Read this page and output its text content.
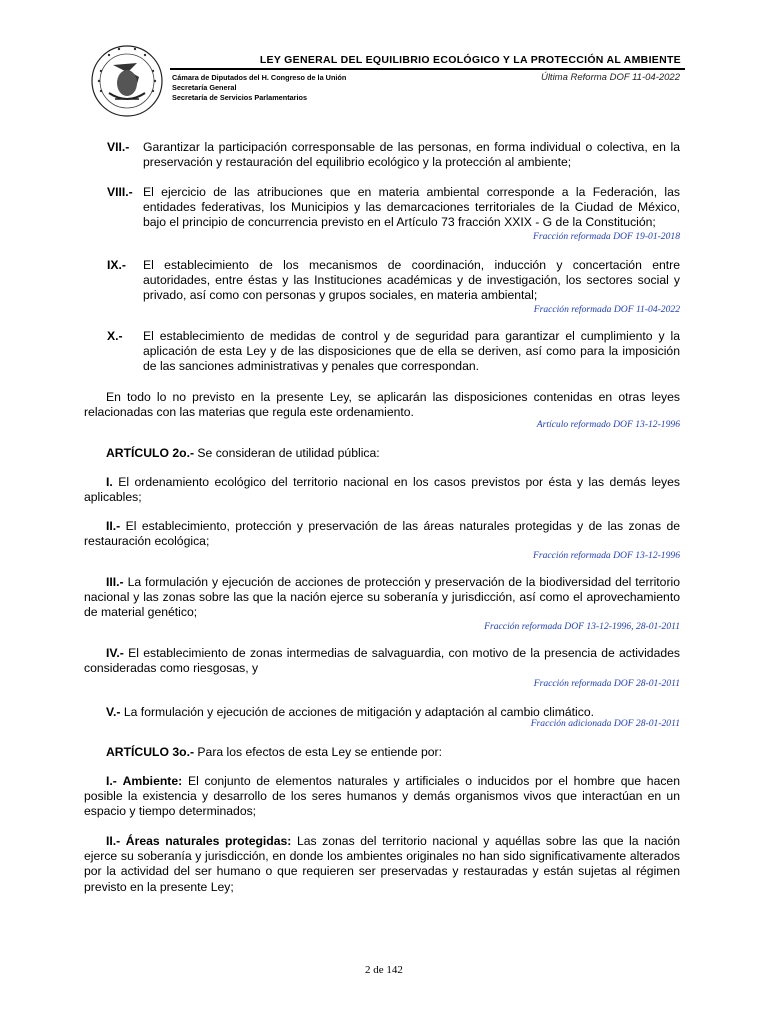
LEY GENERAL DEL EQUILIBRIO ECOLÓGICO Y LA PROTECCIÓN AL AMBIENTE
Cámara de Diputados del H. Congreso de la Unión
Secretaría General
Secretaría de Servicios Parlamentarios
Última Reforma DOF 11-04-2022
VII.-	Garantizar la participación corresponsable de las personas, en forma individual o colectiva, en la preservación y restauración del equilibrio ecológico y la protección al ambiente;
VIII.- El ejercicio de las atribuciones que en materia ambiental corresponde a la Federación, las entidades federativas, los Municipios y las demarcaciones territoriales de la Ciudad de México, bajo el principio de concurrencia previsto en el Artículo 73 fracción XXIX - G de la Constitución;
Fracción reformada DOF 19-01-2018
IX.-	El establecimiento de los mecanismos de coordinación, inducción y concertación entre autoridades, entre éstas y las Instituciones académicas y de investigación, los sectores social y privado, así como con personas y grupos sociales, en materia ambiental;
Fracción reformada DOF 11-04-2022
X.-	El establecimiento de medidas de control y de seguridad para garantizar el cumplimiento y la aplicación de esta Ley y de las disposiciones que de ella se deriven, así como para la imposición de las sanciones administrativas y penales que correspondan.
En todo lo no previsto en la presente Ley, se aplicarán las disposiciones contenidas en otras leyes relacionadas con las materias que regula este ordenamiento.
Artículo reformado DOF 13-12-1996
ARTÍCULO 2o.- Se consideran de utilidad pública:
I. El ordenamiento ecológico del territorio nacional en los casos previstos por ésta y las demás leyes aplicables;
II.- El establecimiento, protección y preservación de las áreas naturales protegidas y de las zonas de restauración ecológica;
Fracción reformada DOF 13-12-1996
III.- La formulación y ejecución de acciones de protección y preservación de la biodiversidad del territorio nacional y las zonas sobre las que la nación ejerce su soberanía y jurisdicción, así como el aprovechamiento de material genético;
Fracción reformada DOF 13-12-1996, 28-01-2011
IV.- El establecimiento de zonas intermedias de salvaguardia, con motivo de la presencia de actividades consideradas como riesgosas, y
Fracción reformada DOF 28-01-2011
V.- La formulación y ejecución de acciones de mitigación y adaptación al cambio climático.
Fracción adicionada DOF 28-01-2011
ARTÍCULO 3o.- Para los efectos de esta Ley se entiende por:
I.- Ambiente: El conjunto de elementos naturales y artificiales o inducidos por el hombre que hacen posible la existencia y desarrollo de los seres humanos y demás organismos vivos que interactúan en un espacio y tiempo determinados;
II.- Áreas naturales protegidas: Las zonas del territorio nacional y aquéllas sobre las que la nación ejerce su soberanía y jurisdicción, en donde los ambientes originales no han sido significativamente alterados por la actividad del ser humano o que requieren ser preservadas y restauradas y están sujetas al régimen previsto en la presente Ley;
2 de 142
